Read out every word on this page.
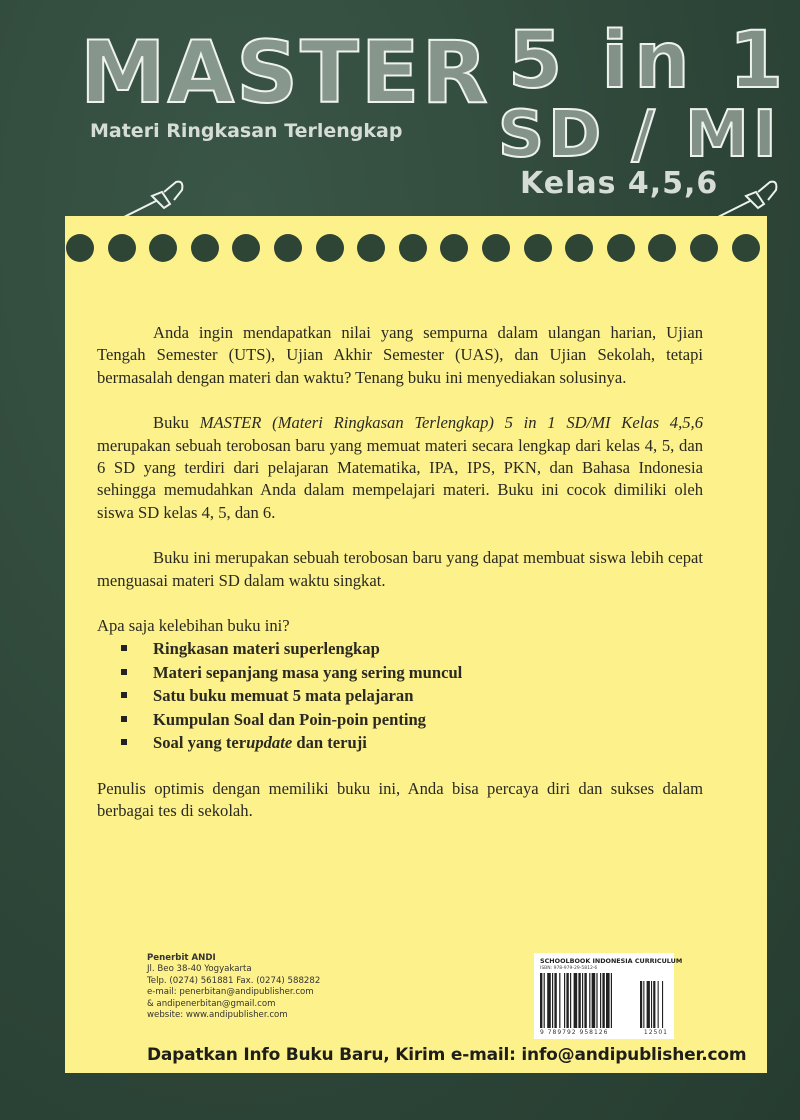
MASTER
Materi Ringkasan Terlengkap
5 in 1
SD / MI
Kelas 4,5,6

Anda ingin mendapatkan nilai yang sempurna dalam ulangan harian, Ujian Tengah Semester (UTS), Ujian Akhir Semester (UAS), dan Ujian Sekolah, tetapi bermasalah dengan materi dan waktu? Tenang buku ini menyediakan solusinya.

Buku MASTER (Materi Ringkasan Terlengkap) 5 in 1 SD/MI Kelas 4,5,6 merupakan sebuah terobosan baru yang memuat materi secara lengkap dari kelas 4, 5, dan 6 SD yang terdiri dari pelajaran Matematika, IPA, IPS, PKN, dan Bahasa Indonesia sehingga memudahkan Anda dalam mempelajari materi. Buku ini cocok dimiliki oleh siswa SD kelas 4, 5, dan 6.

Buku ini merupakan sebuah terobosan baru yang dapat membuat siswa lebih cepat menguasai materi SD dalam waktu singkat.

Apa saja kelebihan buku ini?

Ringkasan materi superlengkap
Materi sepanjang masa yang sering muncul
Satu buku memuat 5 mata pelajaran
Kumpulan Soal dan Poin-poin penting
Soal yang terupdate dan teruji

Penulis optimis dengan memiliki buku ini, Anda bisa percaya diri dan sukses dalam berbagai tes di sekolah.

Penerbit ANDI
Jl. Beo 38-40 Yogyakarta
Telp. (0274) 561881 Fax. (0274) 588282
e-mail: penerbitan@andipublisher.com
& andipenerbitan@gmail.com
website: www.andipublisher.com
SCHOOLBOOK INDONESIA CURRICULUM
ISBN: 978-979-29-5812-6
9 789792 958126	12501
Dapatkan Info Buku Baru, Kirim e-mail: info@andipublisher.com
